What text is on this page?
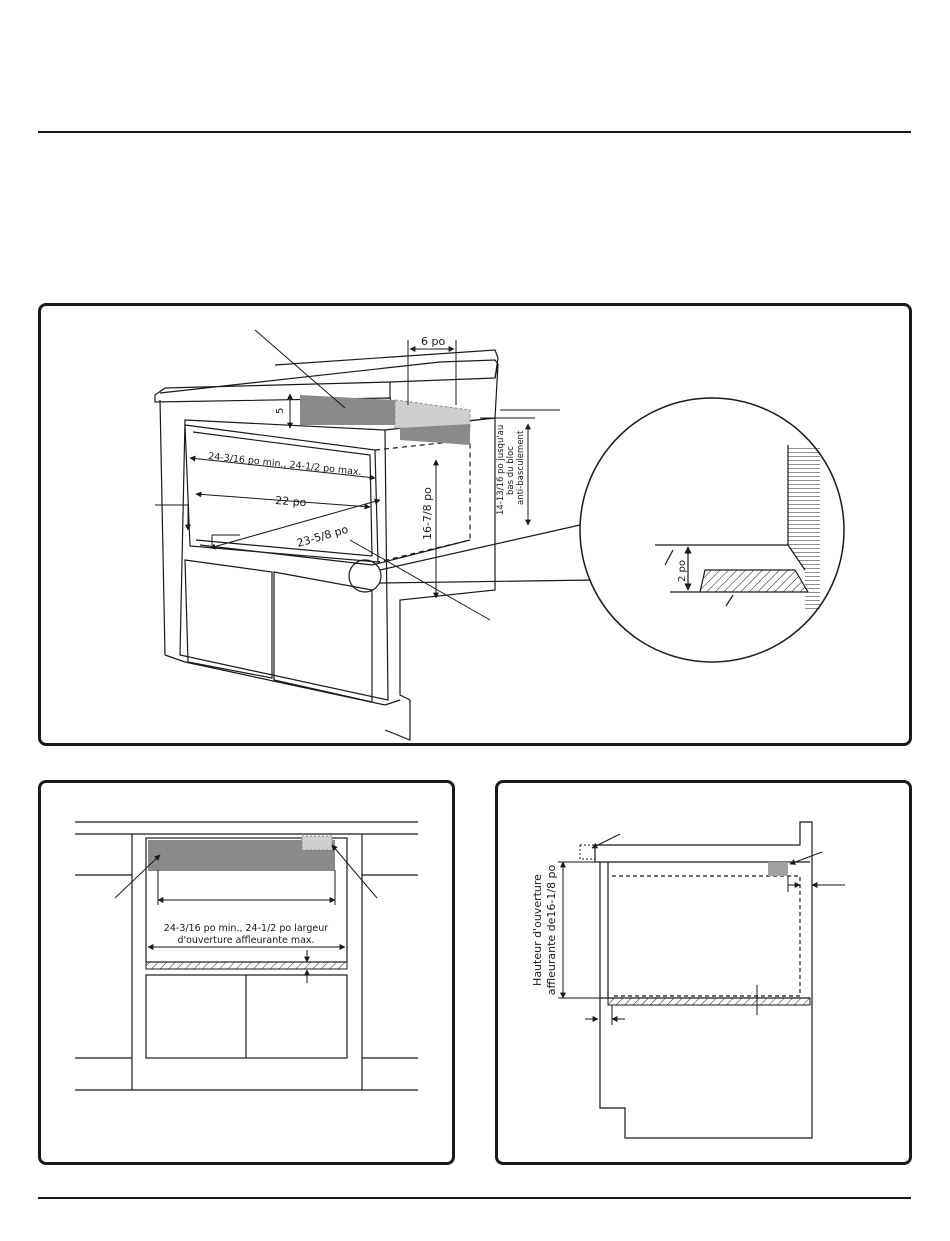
6 po
5
24-3/16 po min., 24-1/2 po max.
22 po
23-5/8 po	16-7/8 po	14-13/16 po jusqu'au bas du bloc anti-basculement
2 po
24-3/16 po min., 24-1/2 po largeur
d'ouverture affleurante max.	Hauteur d'ouverture affleurante de16-1/8 po
